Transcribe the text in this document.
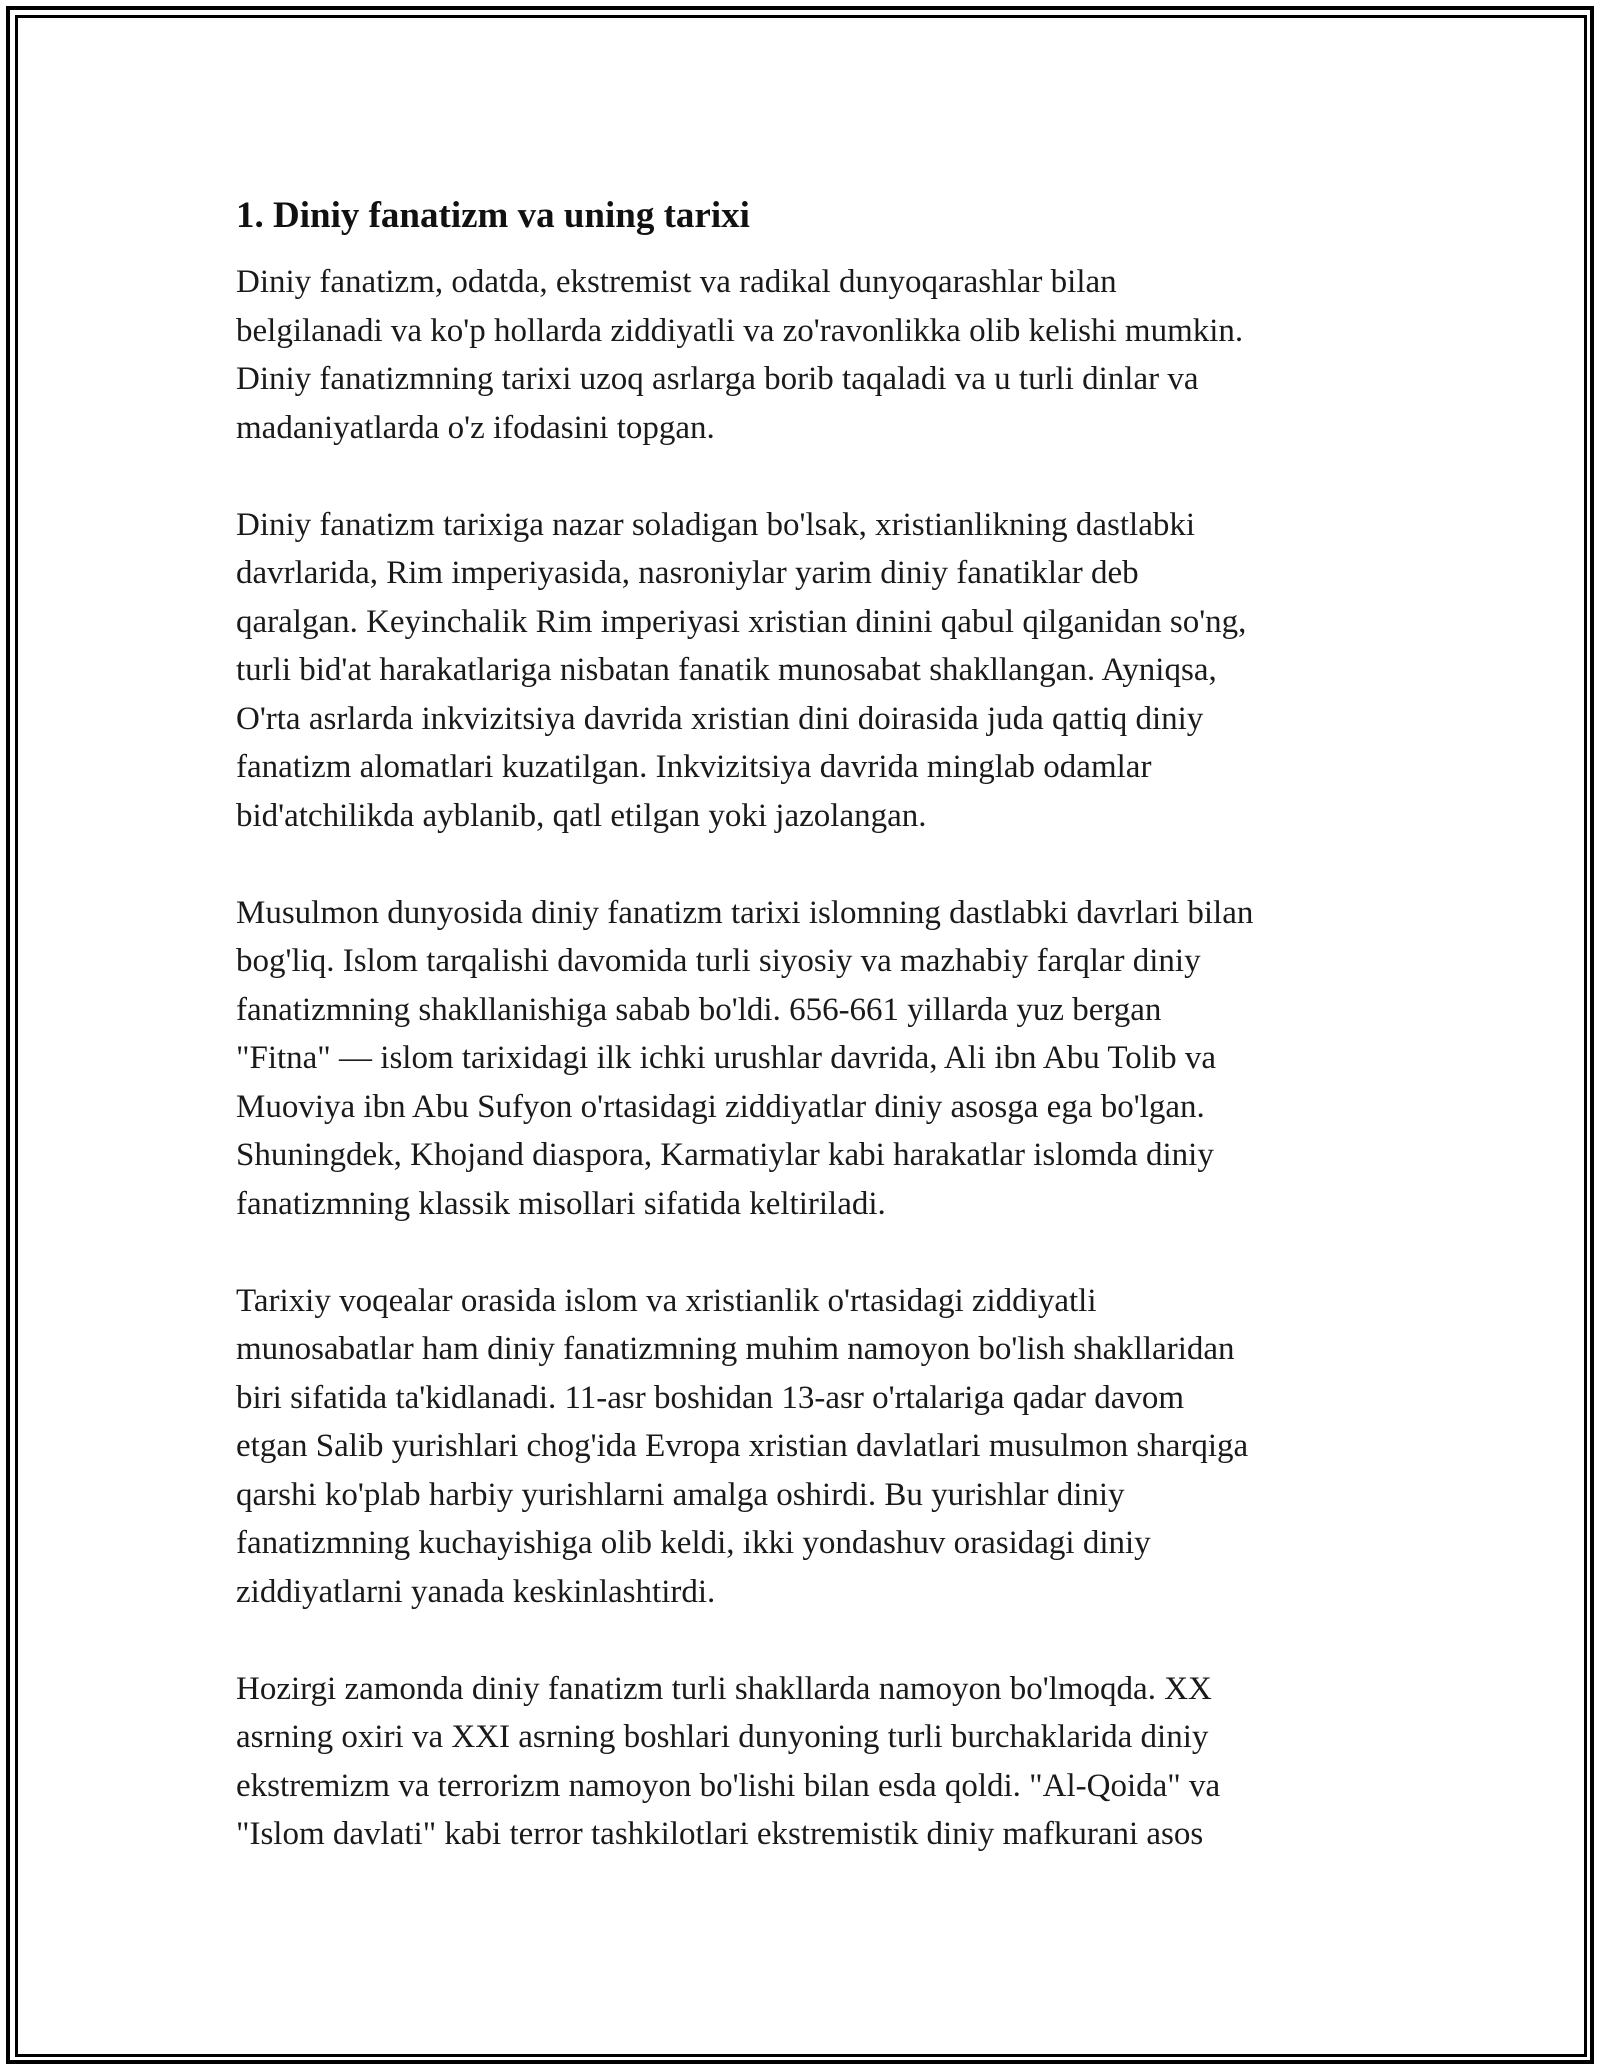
1. Diniy fanatizm va uning tarixi

Diniy fanatizm, odatda, ekstremist va radikal dunyoqarashlar bilan
belgilanadi va ko'p hollarda ziddiyatli va zo'ravonlikka olib kelishi mumkin.
Diniy fanatizmning tarixi uzoq asrlarga borib taqaladi va u turli dinlar va
madaniyatlarda o'z ifodasini topgan.

Diniy fanatizm tarixiga nazar soladigan bo'lsak, xristianlikning dastlabki
davrlarida, Rim imperiyasida, nasroniylar yarim diniy fanatiklar deb
qaralgan. Keyinchalik Rim imperiyasi xristian dinini qabul qilganidan so'ng,
turli bid'at harakatlariga nisbatan fanatik munosabat shakllangan. Ayniqsa,
O'rta asrlarda inkvizitsiya davrida xristian dini doirasida juda qattiq diniy
fanatizm alomatlari kuzatilgan. Inkvizitsiya davrida minglab odamlar
bid'atchilikda ayblanib, qatl etilgan yoki jazolangan.

Musulmon dunyosida diniy fanatizm tarixi islomning dastlabki davrlari bilan
bog'liq. Islom tarqalishi davomida turli siyosiy va mazhabiy farqlar diniy
fanatizmning shakllanishiga sabab bo'ldi. 656-661 yillarda yuz bergan
"Fitna" — islom tarixidagi ilk ichki urushlar davrida, Ali ibn Abu Tolib va
Muoviya ibn Abu Sufyon o'rtasidagi ziddiyatlar diniy asosga ega bo'lgan.
Shuningdek, Khojand diaspora, Karmatiylar kabi harakatlar islomda diniy
fanatizmning klassik misollari sifatida keltiriladi.

Tarixiy voqealar orasida islom va xristianlik o'rtasidagi ziddiyatli
munosabatlar ham diniy fanatizmning muhim namoyon bo'lish shakllaridan
biri sifatida ta'kidlanadi. 11-asr boshidan 13-asr o'rtalariga qadar davom
etgan Salib yurishlari chog'ida Evropa xristian davlatlari musulmon sharqiga
qarshi ko'plab harbiy yurishlarni amalga oshirdi. Bu yurishlar diniy
fanatizmning kuchayishiga olib keldi, ikki yondashuv orasidagi diniy
ziddiyatlarni yanada keskinlashtirdi.

Hozirgi zamonda diniy fanatizm turli shakllarda namoyon bo'lmoqda. XX
asrning oxiri va XXI asrning boshlari dunyoning turli burchaklarida diniy
ekstremizm va terrorizm namoyon bo'lishi bilan esda qoldi. "Al-Qoida" va
"Islom davlati" kabi terror tashkilotlari ekstremistik diniy mafkurani asos
